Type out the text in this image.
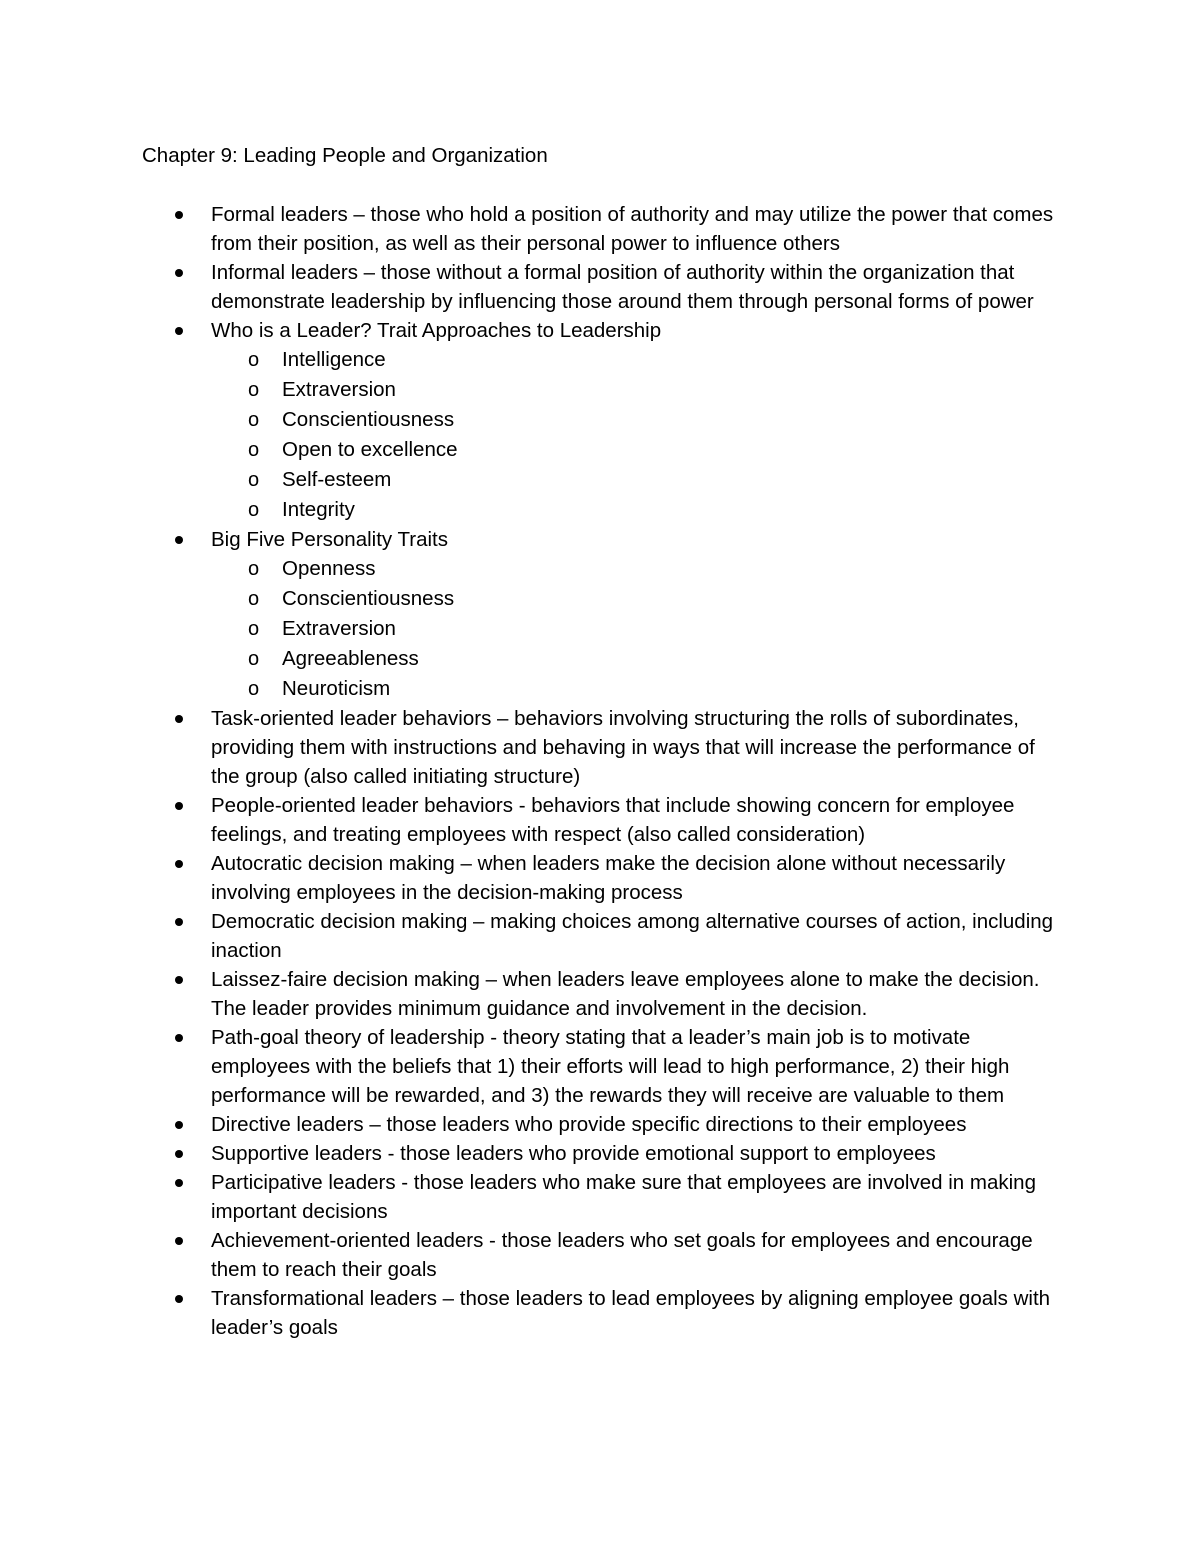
Chapter 9: Leading People and Organization
Formal leaders – those who hold a position of authority and may utilize the power that comes from their position, as well as their personal power to influence others
Informal leaders – those without a formal position of authority within the organization that demonstrate leadership by influencing those around them through personal forms of power
Who is a Leader? Trait Approaches to Leadership
o Intelligence
o Extraversion
o Conscientiousness
o Open to excellence
o Self-esteem
o Integrity
Big Five Personality Traits
o Openness
o Conscientiousness
o Extraversion
o Agreeableness
o Neuroticism
Task-oriented leader behaviors – behaviors involving structuring the rolls of subordinates, providing them with instructions and behaving in ways that will increase the performance of the group (also called initiating structure)
People-oriented leader behaviors - behaviors that include showing concern for employee feelings, and treating employees with respect (also called consideration)
Autocratic decision making – when leaders make the decision alone without necessarily involving employees in the decision-making process
Democratic decision making – making choices among alternative courses of action, including inaction
Laissez-faire decision making – when leaders leave employees alone to make the decision. The leader provides minimum guidance and involvement in the decision.
Path-goal theory of leadership - theory stating that a leader’s main job is to motivate employees with the beliefs that 1) their efforts will lead to high performance, 2) their high performance will be rewarded, and 3) the rewards they will receive are valuable to them
Directive leaders – those leaders who provide specific directions to their employees
Supportive leaders - those leaders who provide emotional support to employees
Participative leaders - those leaders who make sure that employees are involved in making important decisions
Achievement-oriented leaders - those leaders who set goals for employees and encourage them to reach their goals
Transformational leaders – those leaders to lead employees by aligning employee goals with leader’s goals
